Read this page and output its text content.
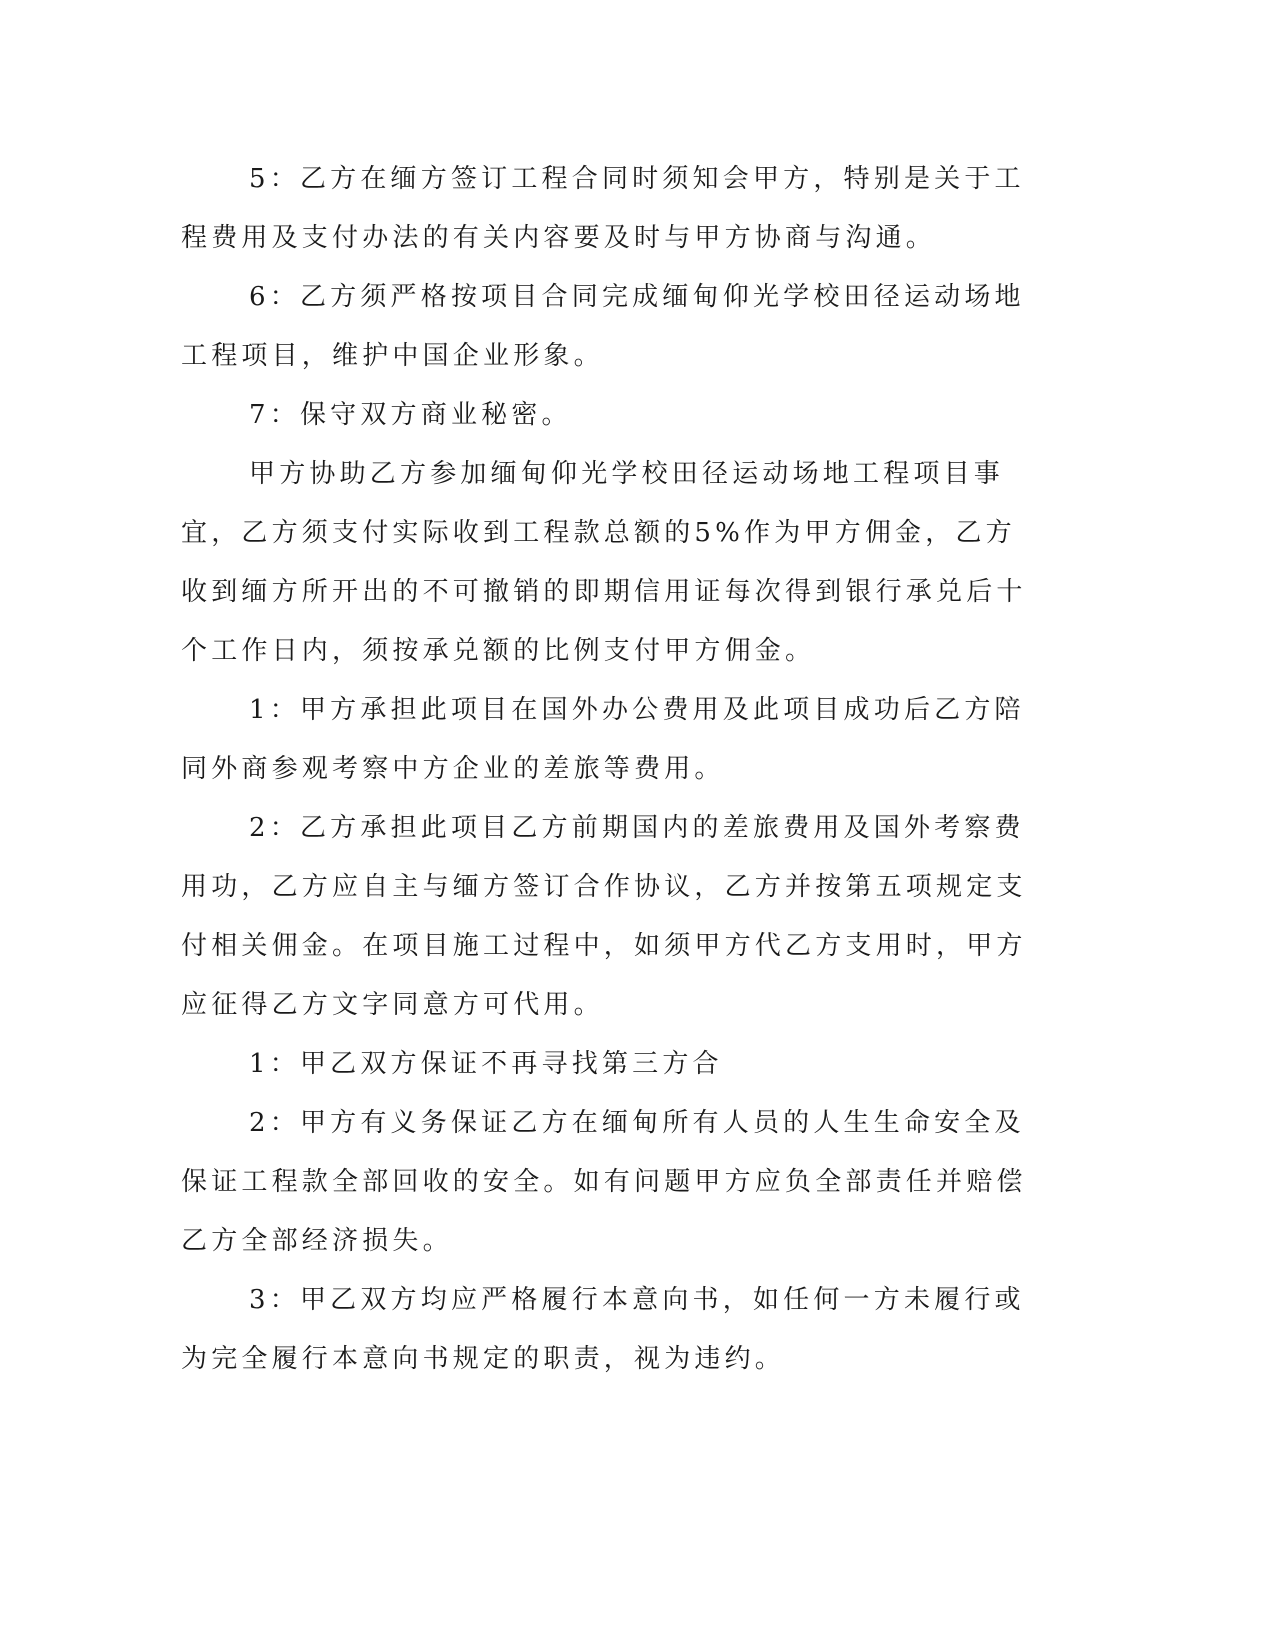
5：乙方在缅方签订工程合同时须知会甲方，特别是关于工程费用及支付办法的有关内容要及时与甲方协商与沟通。

6：乙方须严格按项目合同完成缅甸仰光学校田径运动场地工程项目，维护中国企业形象。

7：保守双方商业秘密。

甲方协助乙方参加缅甸仰光学校田径运动场地工程项目事宜，乙方须支付实际收到工程款总额的5%作为甲方佣金，乙方收到缅方所开出的不可撤销的即期信用证每次得到银行承兑后十个工作日内，须按承兑额的比例支付甲方佣金。

1：甲方承担此项目在国外办公费用及此项目成功后乙方陪同外商参观考察中方企业的差旅等费用。

2：乙方承担此项目乙方前期国内的差旅费用及国外考察费用功，乙方应自主与缅方签订合作协议，乙方并按第五项规定支付相关佣金。在项目施工过程中，如须甲方代乙方支用时，甲方应征得乙方文字同意方可代用。

1：甲乙双方保证不再寻找第三方合

2：甲方有义务保证乙方在缅甸所有人员的人生生命安全及保证工程款全部回收的安全。如有问题甲方应负全部责任并赔偿乙方全部经济损失。

3：甲乙双方均应严格履行本意向书，如任何一方未履行或为完全履行本意向书规定的职责，视为违约。
